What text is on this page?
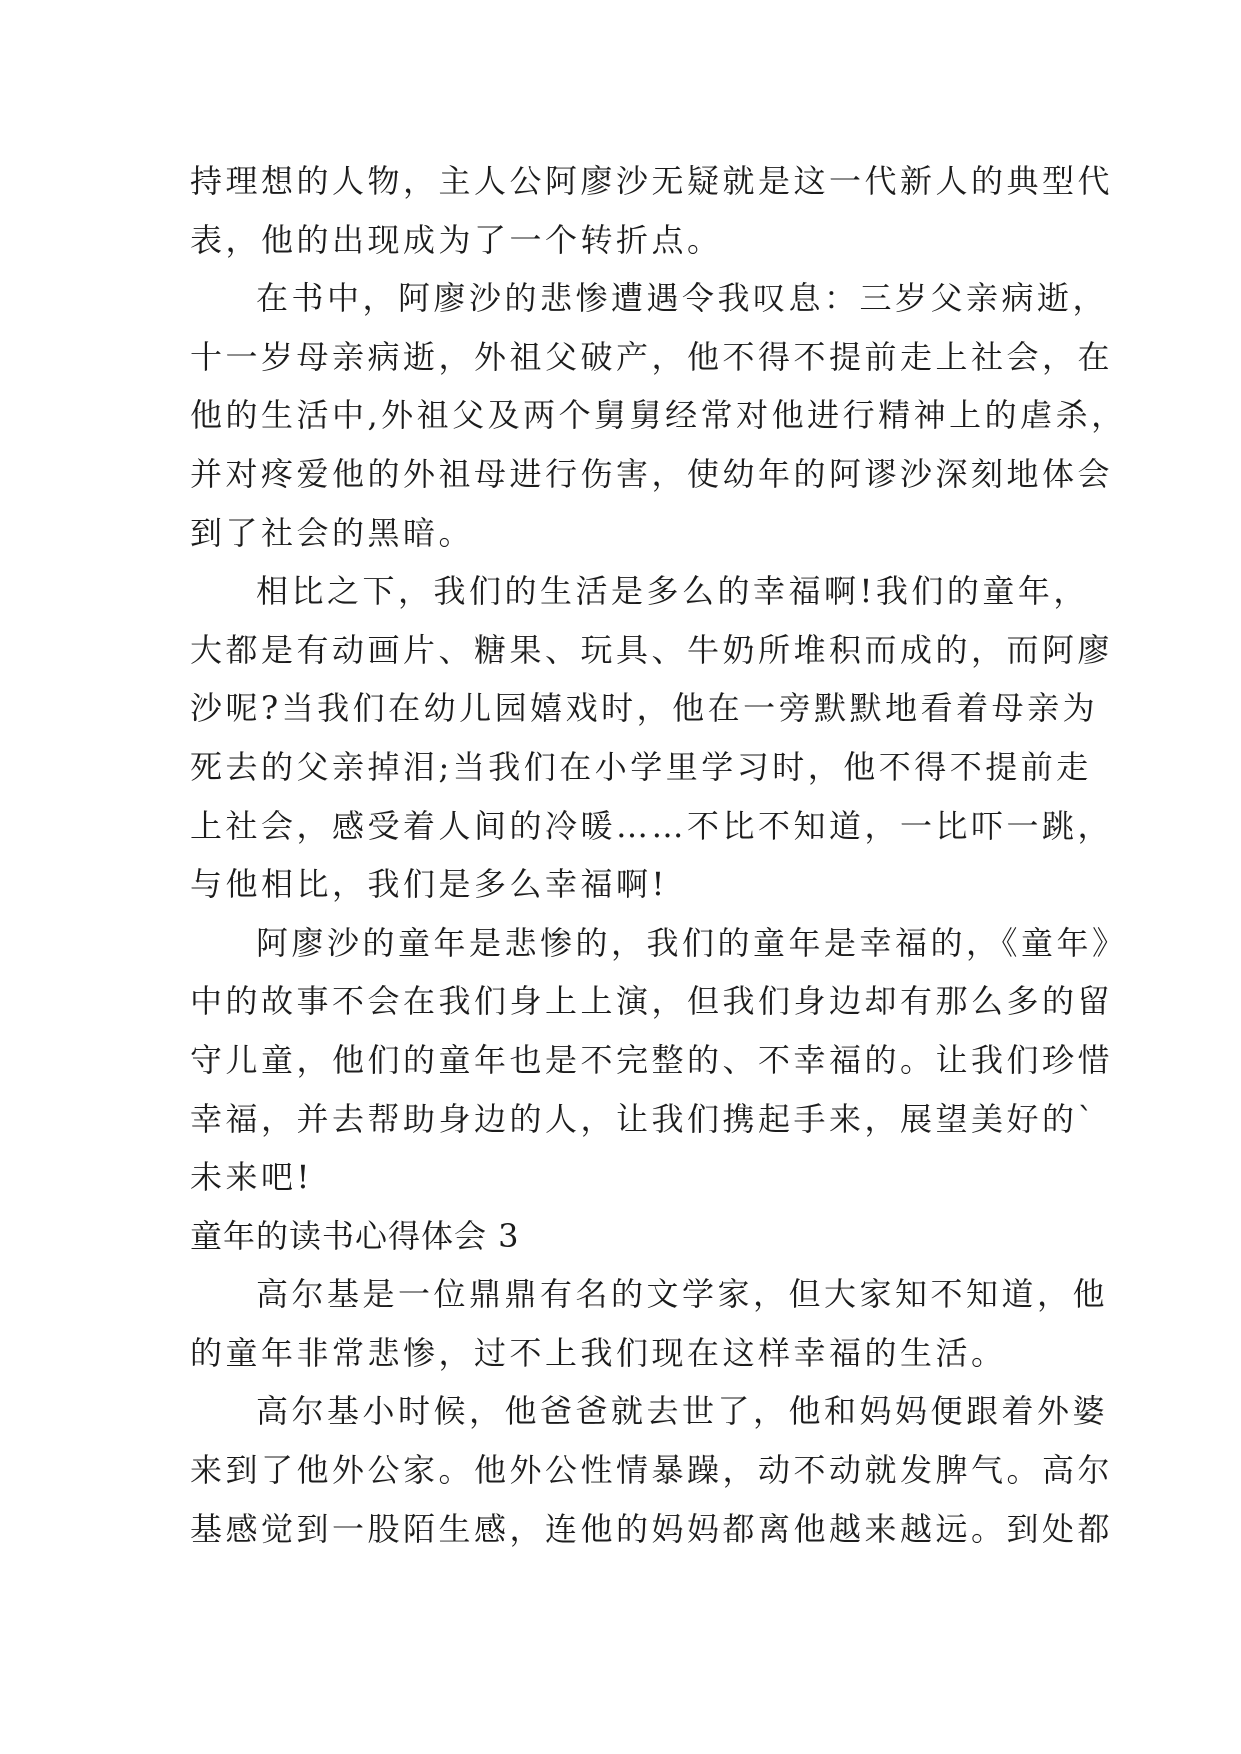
持理想的人物，主人公阿廖沙无疑就是这一代新人的典型代
表，他的出现成为了一个转折点。
在书中，阿廖沙的悲惨遭遇令我叹息：三岁父亲病逝，
十一岁母亲病逝，外祖父破产，他不得不提前走上社会，在
他的生活中,外祖父及两个舅舅经常对他进行精神上的虐杀，
并对疼爱他的外祖母进行伤害，使幼年的阿谬沙深刻地体会
到了社会的黑暗。
相比之下，我们的生活是多么的幸福啊!我们的童年，
大都是有动画片、糖果、玩具、牛奶所堆积而成的，而阿廖
沙呢?当我们在幼儿园嬉戏时，他在一旁默默地看着母亲为
死去的父亲掉泪;当我们在小学里学习时，他不得不提前走
上社会，感受着人间的冷暖……不比不知道，一比吓一跳，
与他相比，我们是多么幸福啊!
阿廖沙的童年是悲惨的，我们的童年是幸福的，《童年》
中的故事不会在我们身上上演，但我们身边却有那么多的留
守儿童，他们的童年也是不完整的、不幸福的。让我们珍惜
幸福，并去帮助身边的人，让我们携起手来，展望美好的`
未来吧!
童年的读书心得体会 3
高尔基是一位鼎鼎有名的文学家，但大家知不知道，他
的童年非常悲惨，过不上我们现在这样幸福的生活。
高尔基小时候，他爸爸就去世了，他和妈妈便跟着外婆
来到了他外公家。他外公性情暴躁，动不动就发脾气。高尔
基感觉到一股陌生感，连他的妈妈都离他越来越远。到处都
